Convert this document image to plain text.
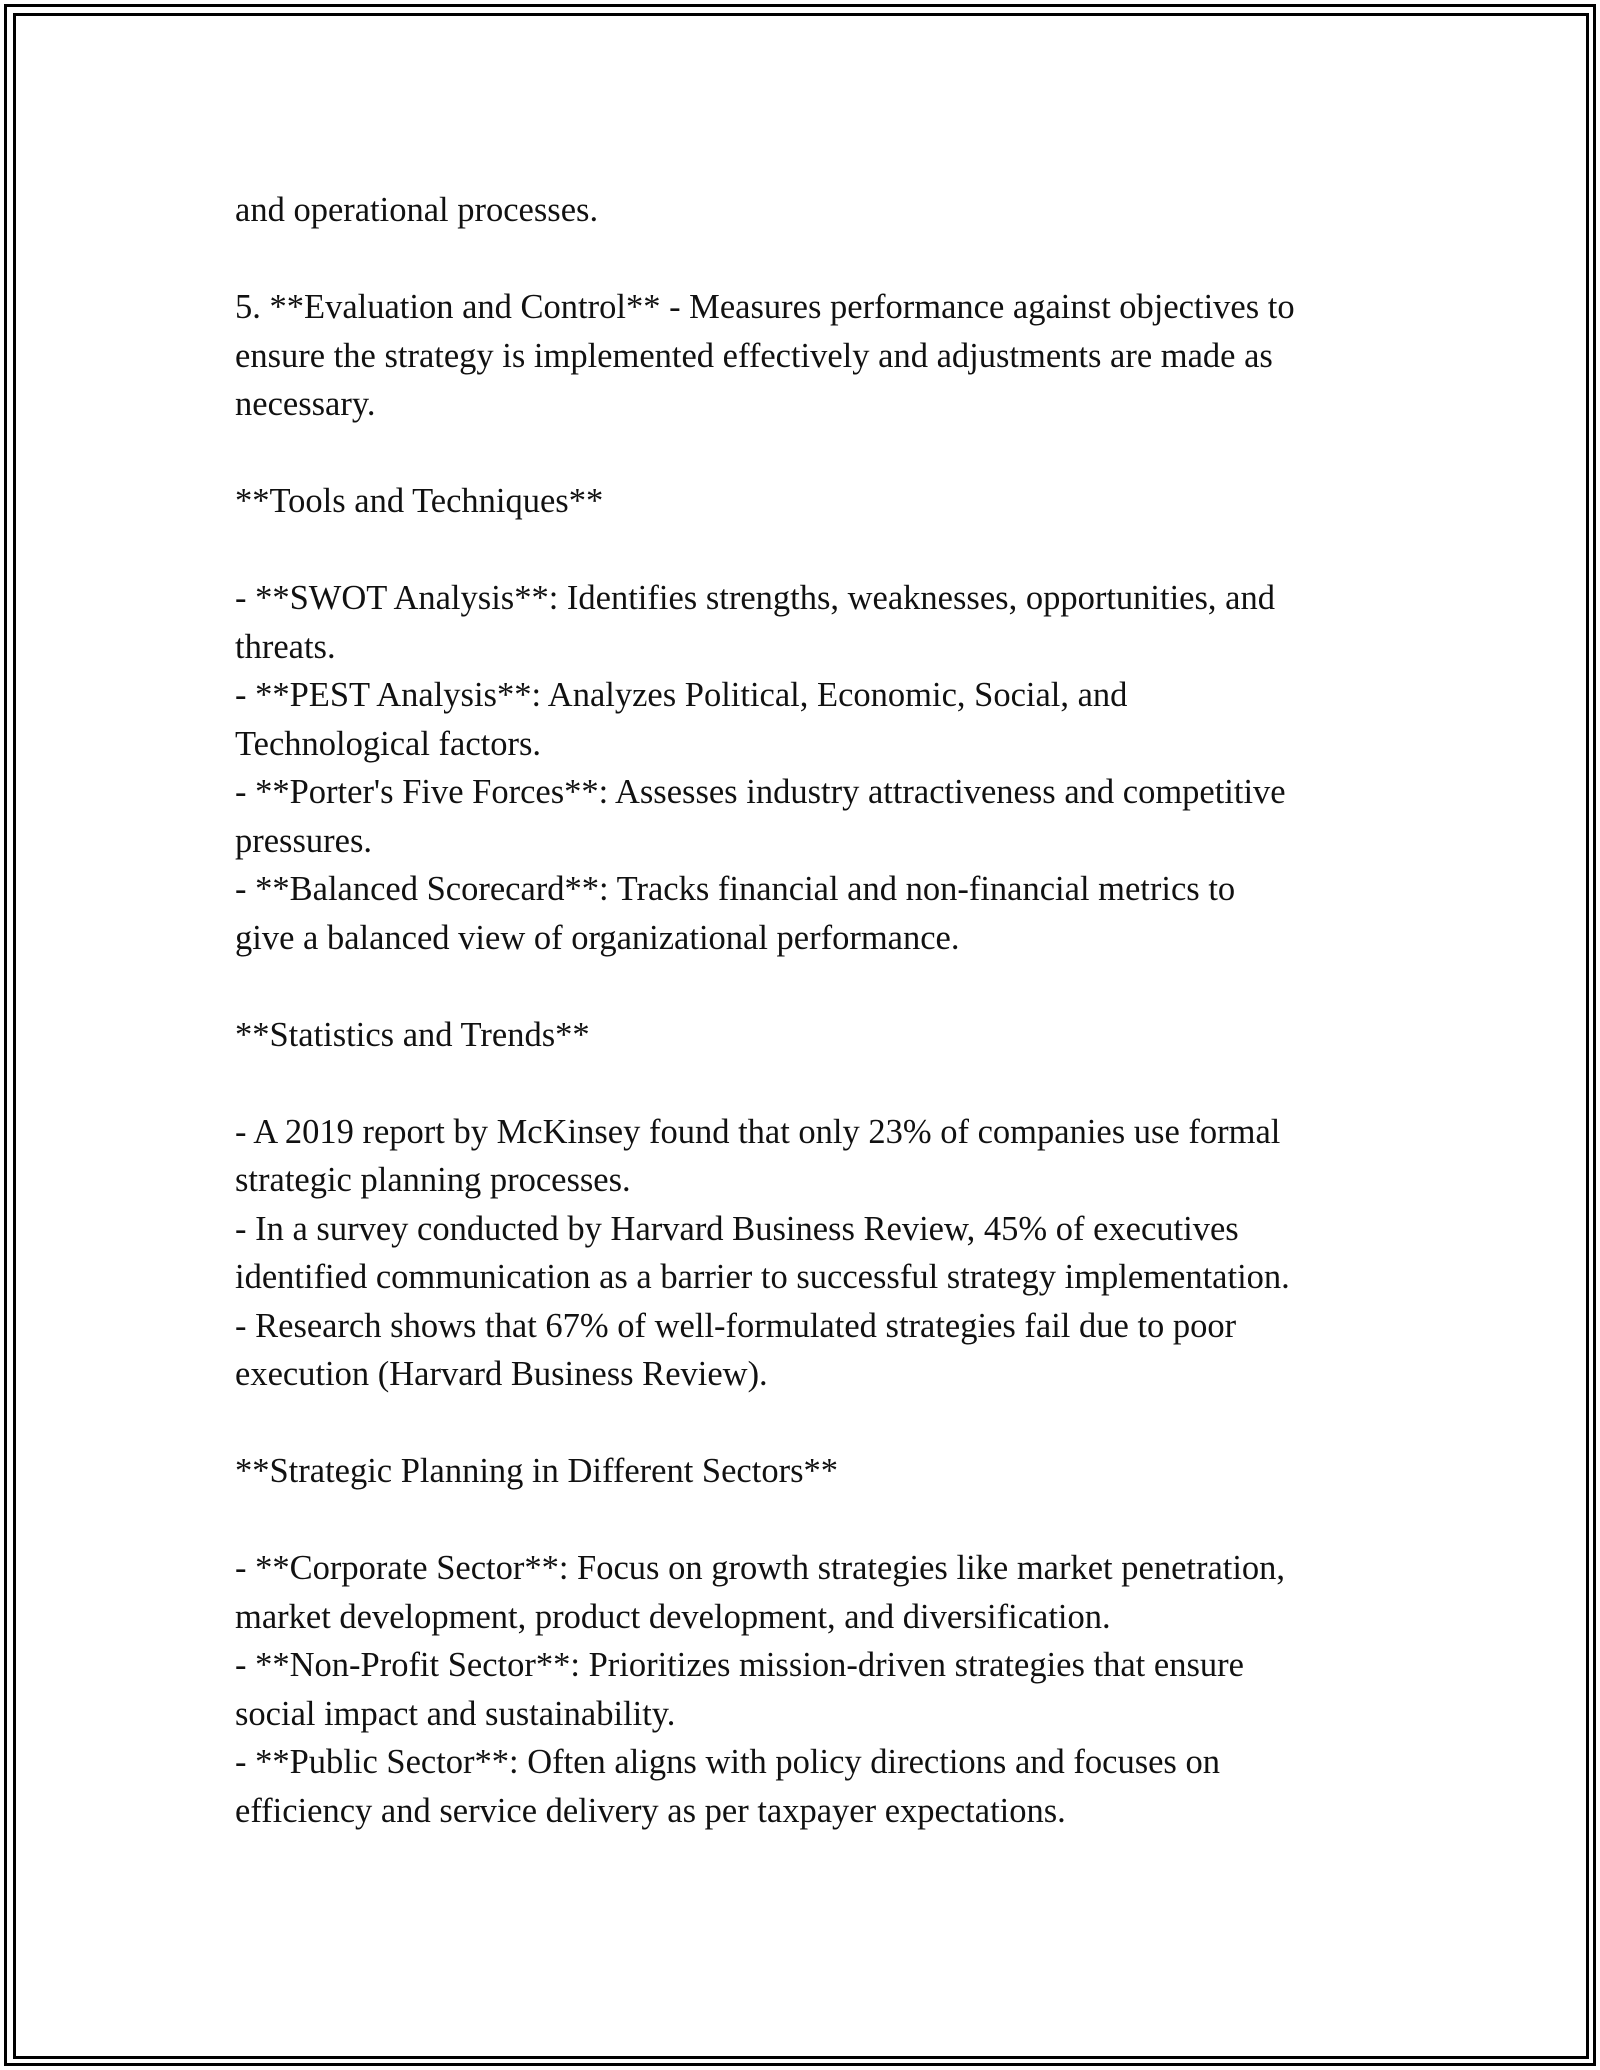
and operational processes.

5. **Evaluation and Control** - Measures performance against objectives to

ensure the strategy is implemented effectively and adjustments are made as

necessary.

**Tools and Techniques**

- **SWOT Analysis**: Identifies strengths, weaknesses, opportunities, and

threats.

- **PEST Analysis**: Analyzes Political, Economic, Social, and

Technological factors.

- **Porter's Five Forces**: Assesses industry attractiveness and competitive

pressures.

- **Balanced Scorecard**: Tracks financial and non-financial metrics to

give a balanced view of organizational performance.

**Statistics and Trends**

- A 2019 report by McKinsey found that only 23% of companies use formal

strategic planning processes.

- In a survey conducted by Harvard Business Review, 45% of executives

identified communication as a barrier to successful strategy implementation.

- Research shows that 67% of well-formulated strategies fail due to poor

execution (Harvard Business Review).

**Strategic Planning in Different Sectors**

- **Corporate Sector**: Focus on growth strategies like market penetration,

market development, product development, and diversification.

- **Non-Profit Sector**: Prioritizes mission-driven strategies that ensure

social impact and sustainability.

- **Public Sector**: Often aligns with policy directions and focuses on

efficiency and service delivery as per taxpayer expectations.
